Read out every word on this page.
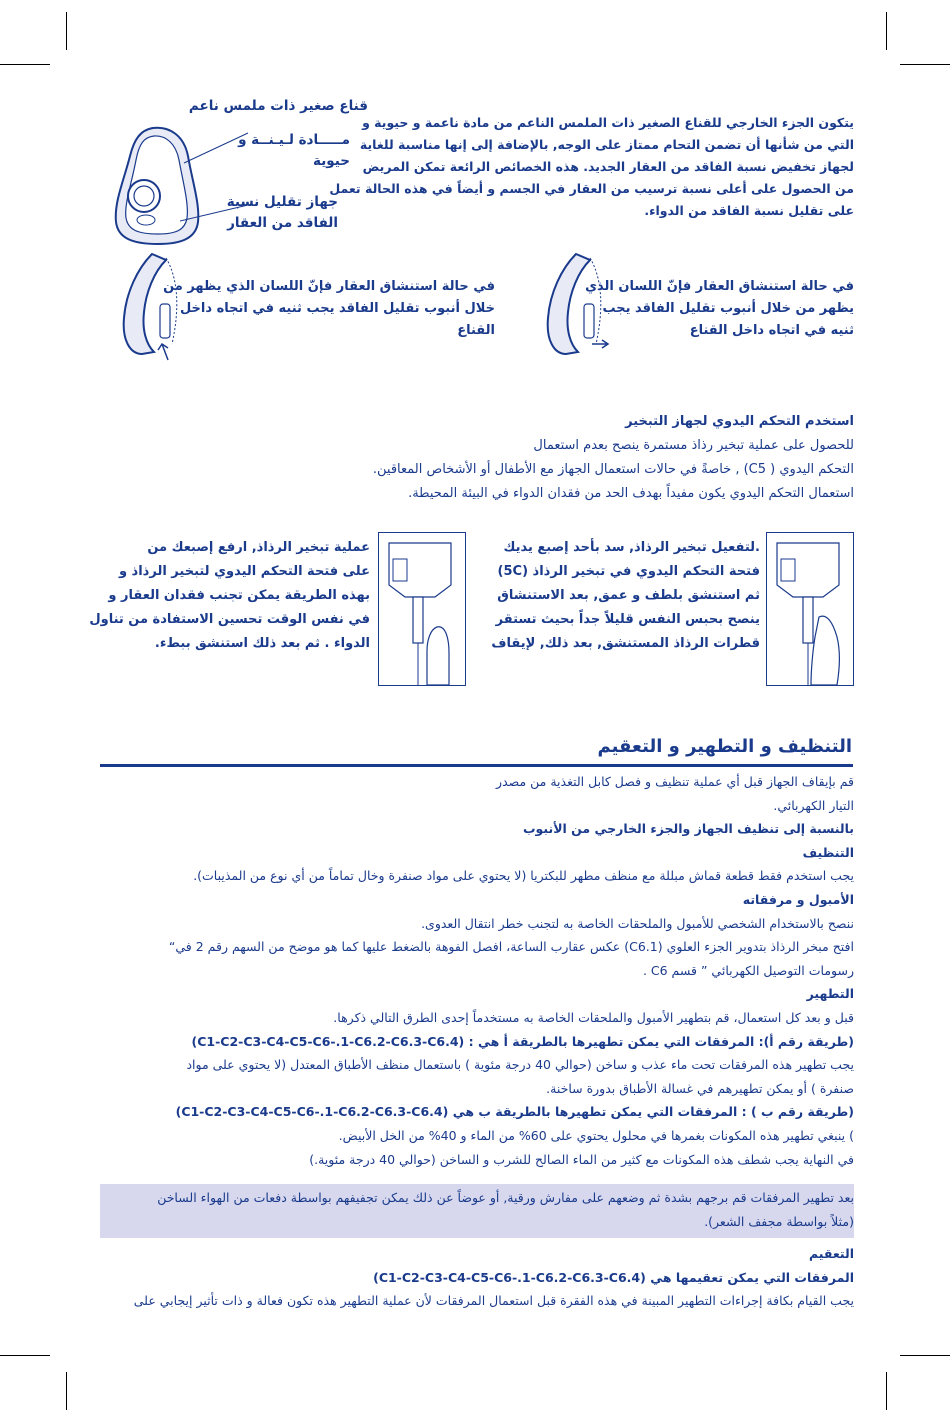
قناع صغير ذات ملمس ناعم
مـــــادة لـيـنــة و
حيوية
جهاز تقليل نسبة
الفاقد من العقار

يتكون الجزء الخارجي للقناع الصغير ذات الملمس الناعم من مادة ناعمة و حيوية و

التي من شأنها أن تضمن التحام ممتاز على الوجه, بالإضافة إلى إنها مناسبة للغاية

لجهاز تخفيض نسبة الفاقد من العقار الجديد. هذه الخصائص الرائعة تمكن المريض

من الحصول على أعلى نسبة ترسيب من العقار في الجسم و أيضاً في هذه الحالة تعمل

على تقليل نسبة الفاقد من الدواء.

في حالة استنشاق العقار فإنّ اللسان الذي

يظهر من خلال أنبوب تقليل الفاقد يجب

ثنيه في اتجاه داخل القناع

في حالة استنشاق العقار فإنّ اللسان الذي يظهر من

خلال أنبوب تقليل الفاقد يجب ثنيه في اتجاه داخل

القناع

استخدم التحكم اليدوي لجهاز التبخير

للحصول على عملية تبخير رذاذ مستمرة ينصح بعدم استعمال

التحكم اليدوي ( C5) , خاصةً في حالات استعمال الجهاز مع الأطفال أو الأشخاص المعاقين.

استعمال التحكم اليدوي يكون مفيداً بهدف الحد من فقدان الدواء في البيئة المحيطة.

.لتفعيل تبخير الرذاذ, سد بأحد إصبع يديك

فتحة التحكم اليدوي في تبخير الرذاذ (5C)

ثم استنشق بلطف و عمق, بعد الاستنشاق

ينصح بحبس النفس قليلاً جداً بحيث تستقر

قطرات الرذاذ المستنشق, بعد ذلك, لإيقاف

عملية تبخير الرذاذ, ارفع إصبعك من

على فتحة التحكم اليدوي لتبخير الرذاذ و

بهذه الطريقة يمكن تجنب فقدان العقار و

في نفس الوقت تحسين الاستفادة من تناول

الدواء . ثم بعد ذلك استنشق ببطء.

التنظيف و التطهير و التعقيم

قم بإيقاف الجهاز قبل أي عملية تنظيف و فصل كابل التغذية من مصدر

التيار الكهربائي.

بالنسبة إلى تنظيف الجهاز والجزء الخارجي من الأنبوب

التنظيف

يجب استخدم فقط قطعة قماش مبللة مع منظف مطهر للبكتريا (لا يحتوي على مواد صنفرة وخال تماماً من أي نوع من المذيبات).

الأمبول و مرفقاته

ننصح بالاستخدام الشخصي للأمبول والملحقات الخاصة به لتجنب خطر انتقال العدوى.

افتح مبخر الرذاذ بتدوير الجزء العلوي (C6.1) عكس عقارب الساعة، افصل الفوهة بالضغط عليها كما هو موضح من السهم رقم 2 في“

رسومات التوصيل الكهربائي ” قسم C6 .

التطهير

قبل و بعد كل استعمال، قم بتطهير الأمبول والملحقات الخاصة به مستخدماً إحدى الطرق التالي ذكرها.

(طريقة رقم أ): المرفقات التي يمكن تطهيرها بالطريقة أ هي : (C1-C2-C3-C4-C5-C6-.1-C6.2-C6.3-C6.4)

يجب تطهير هذه المرفقات تحت ماء عذب و ساخن (حوالي 40 درجة مئوية ) باستعمال منظف الأطباق المعتدل (لا يحتوي على مواد

صنفرة ) أو يمكن تطهيرهم في غسالة الأطباق بدورة ساخنة.

(طريقة رقم ب ) : المرفقات التي يمكن تطهيرها بالطريقة ب هي (C1-C2-C3-C4-C5-C6-.1-C6.2-C6.3-C6.4)

) ينبغي تطهير هذه المكونات بغمرها في محلول يحتوي على 60% من الماء و 40% من الخل الأبيض.

في النهاية يجب شطف هذه المكونات مع كثير من الماء الصالح للشرب و الساخن (حوالي 40 درجة مئوية.)

بعد تطهير المرفقات قم برجهم بشدة ثم وضعهم على مفارش ورقية, أو عوضاً عن ذلك يمكن تجفيفهم بواسطة دفعات من الهواء الساخن

(مثلاً بواسطة مجفف الشعر).

التعقيم

المرفقات التي يمكن تعقيمها هي (C1-C2-C3-C4-C5-C6-.1-C6.2-C6.3-C6.4)

يجب القيام بكافة إجراءات التطهير المبينة في هذه الفقرة قبل استعمال المرفقات لأن عملية التطهير هذه تكون فعالة و ذات تأثير إيجابي على
